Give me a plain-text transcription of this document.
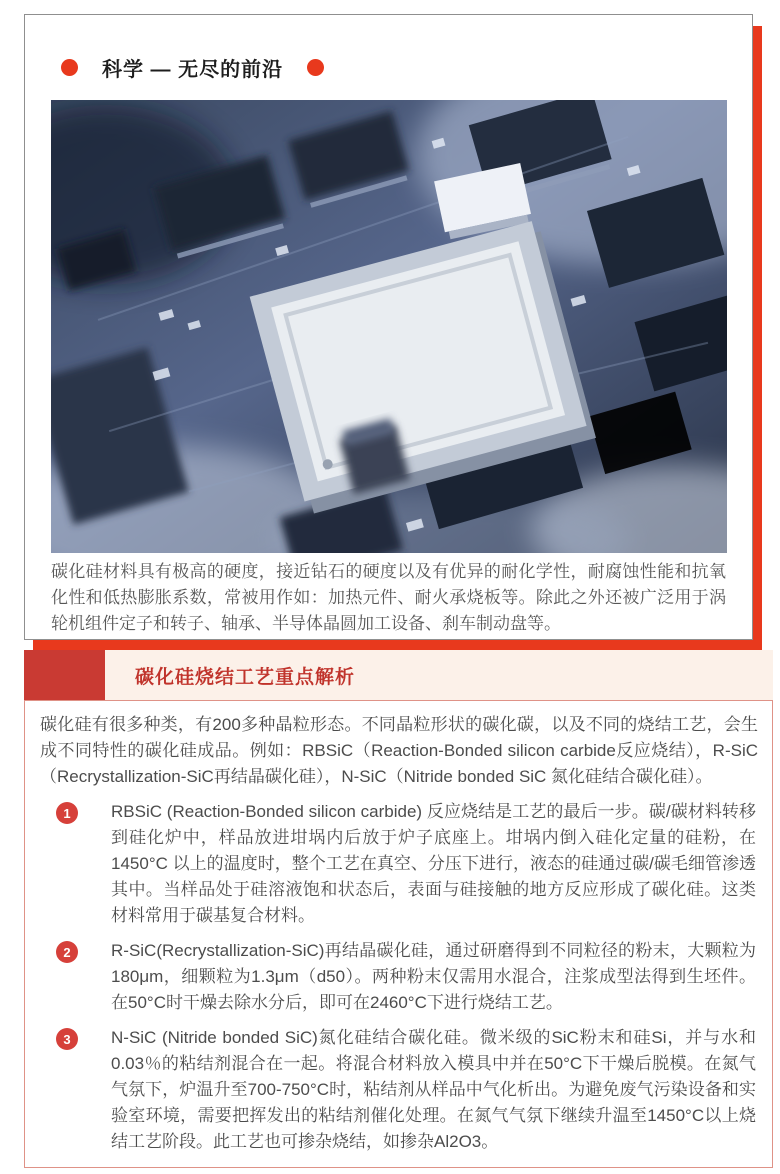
科学 — 无尽的前沿

碳化硅材料具有极高的硬度，接近钻石的硬度以及有优异的耐化学性，耐腐蚀性能和抗氧化性和低热膨胀系数，常被用作如：加热元件、耐火承烧板等。除此之外还被广泛用于涡轮机组件定子和转子、轴承、半导体晶圆加工设备、刹车制动盘等。

碳化硅烧结工艺重点解析

碳化硅有很多种类，有200多种晶粒形态。不同晶粒形状的碳化碳，以及不同的烧结工艺，会生成不同特性的碳化硅成品。例如：RBSiC（Reaction-Bonded silicon carbide反应烧结），R-SiC（Recrystallization-SiC再结晶碳化硅），N-SiC（Nitride bonded SiC 氮化硅结合碳化硅）。

1	RBSiC (Reaction-Bonded silicon carbide) 反应烧结是工艺的最后一步。碳/碳材料转移到硅化炉中，样品放进坩埚内后放于炉子底座上。坩埚内倒入硅化定量的硅粉，在1450°C 以上的温度时，整个工艺在真空、分压下进行，液态的硅通过碳/碳毛细管渗透其中。当样品处于硅溶液饱和状态后，表面与硅接触的地方反应形成了碳化硅。这类材料常用于碳基复合材料。

2	R-SiC(Recrystallization-SiC)再结晶碳化硅，通过研磨得到不同粒径的粉末，大颗粒为180μm，细颗粒为1.3μm（d50）。两种粉末仅需用水混合，注浆成型法得到生坯件。在50°C时干燥去除水分后，即可在2460°C下进行烧结工艺。

3	N-SiC (Nitride bonded SiC)氮化硅结合碳化硅。微米级的SiC粉末和硅Si，并与水和0.03％的粘结剂混合在一起。将混合材料放入模具中并在50°C下干燥后脱模。在氮气气氛下，炉温升至700-750°C时，粘结剂从样品中气化析出。为避免废气污染设备和实验室环境，需要把挥发出的粘结剂催化处理。在氮气气氛下继续升温至1450°C以上烧结工艺阶段。此工艺也可掺杂烧结，如掺杂Al2O3。
